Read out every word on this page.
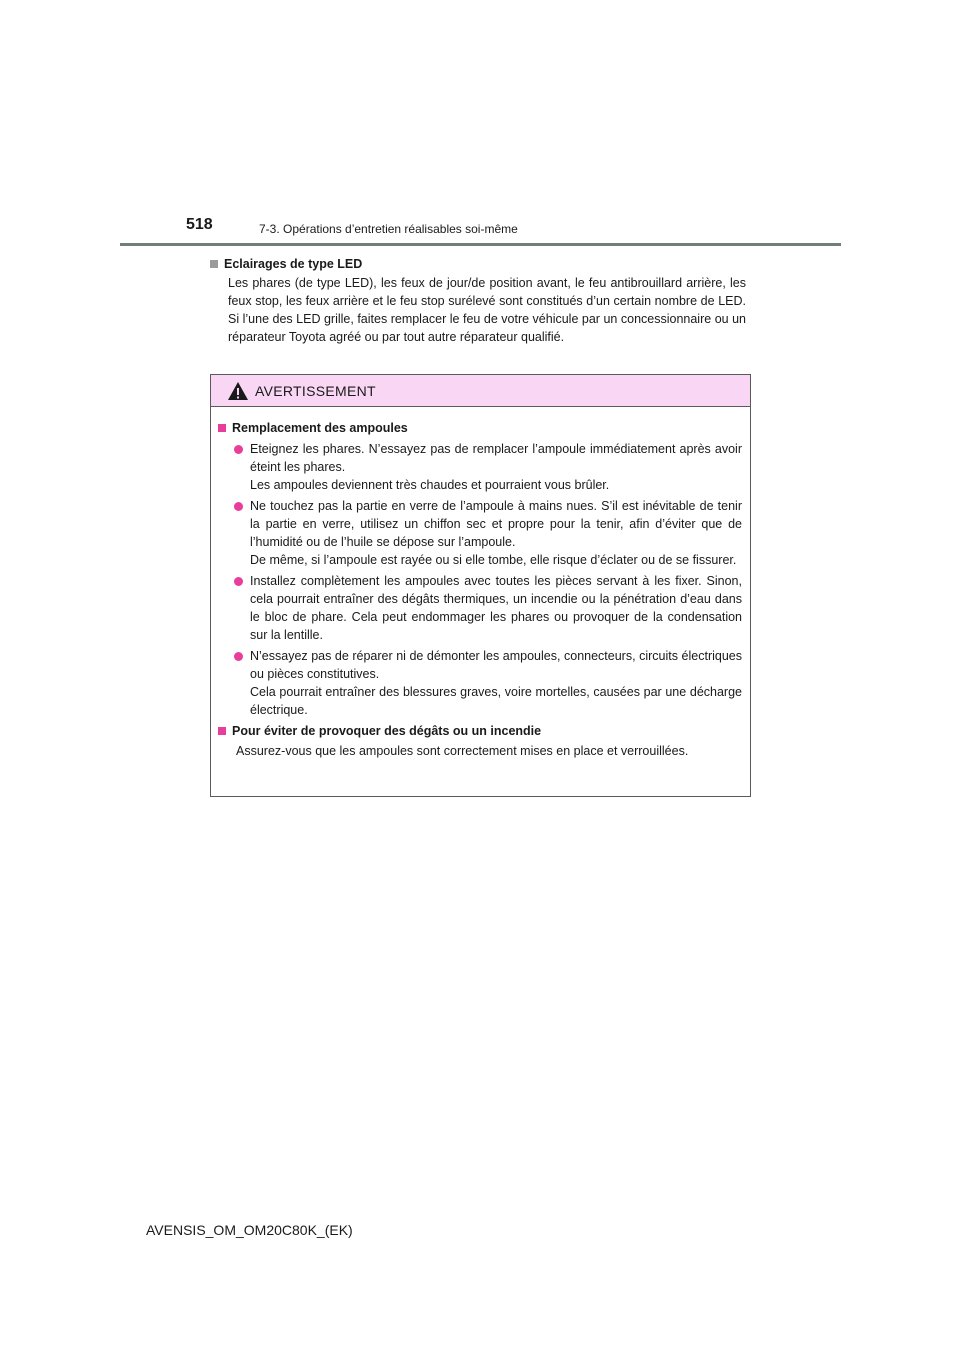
518	7-3. Opérations d’entretien réalisables soi-même
Eclairages de type LED
Les phares (de type LED), les feux de jour/de position avant, le feu antibrouillard arrière, les feux stop, les feux arrière et le feu stop surélevé sont constitués d’un certain nombre de LED. Si l’une des LED grille, faites remplacer le feu de votre véhicule par un concessionnaire ou un réparateur Toyota agréé ou par tout autre réparateur qualifié.
AVERTISSEMENT
Remplacement des ampoules
Eteignez les phares. N’essayez pas de remplacer l’ampoule immédiatement après avoir éteint les phares.
Les ampoules deviennent très chaudes et pourraient vous brûler.
Ne touchez pas la partie en verre de l’ampoule à mains nues. S’il est inévitable de tenir la partie en verre, utilisez un chiffon sec et propre pour la tenir, afin d’éviter que de l’humidité ou de l’huile se dépose sur l’ampoule.
De même, si l’ampoule est rayée ou si elle tombe, elle risque d’éclater ou de se fissurer.
Installez complètement les ampoules avec toutes les pièces servant à les fixer. Sinon, cela pourrait entraîner des dégâts thermiques, un incendie ou la pénétration d’eau dans le bloc de phare. Cela peut endommager les phares ou provoquer de la condensation sur la lentille.
N’essayez pas de réparer ni de démonter les ampoules, connecteurs, circuits électriques ou pièces constitutives.
Cela pourrait entraîner des blessures graves, voire mortelles, causées par une décharge électrique.
Pour éviter de provoquer des dégâts ou un incendie
Assurez-vous que les ampoules sont correctement mises en place et verrouillées.
AVENSIS_OM_OM20C80K_(EK)
